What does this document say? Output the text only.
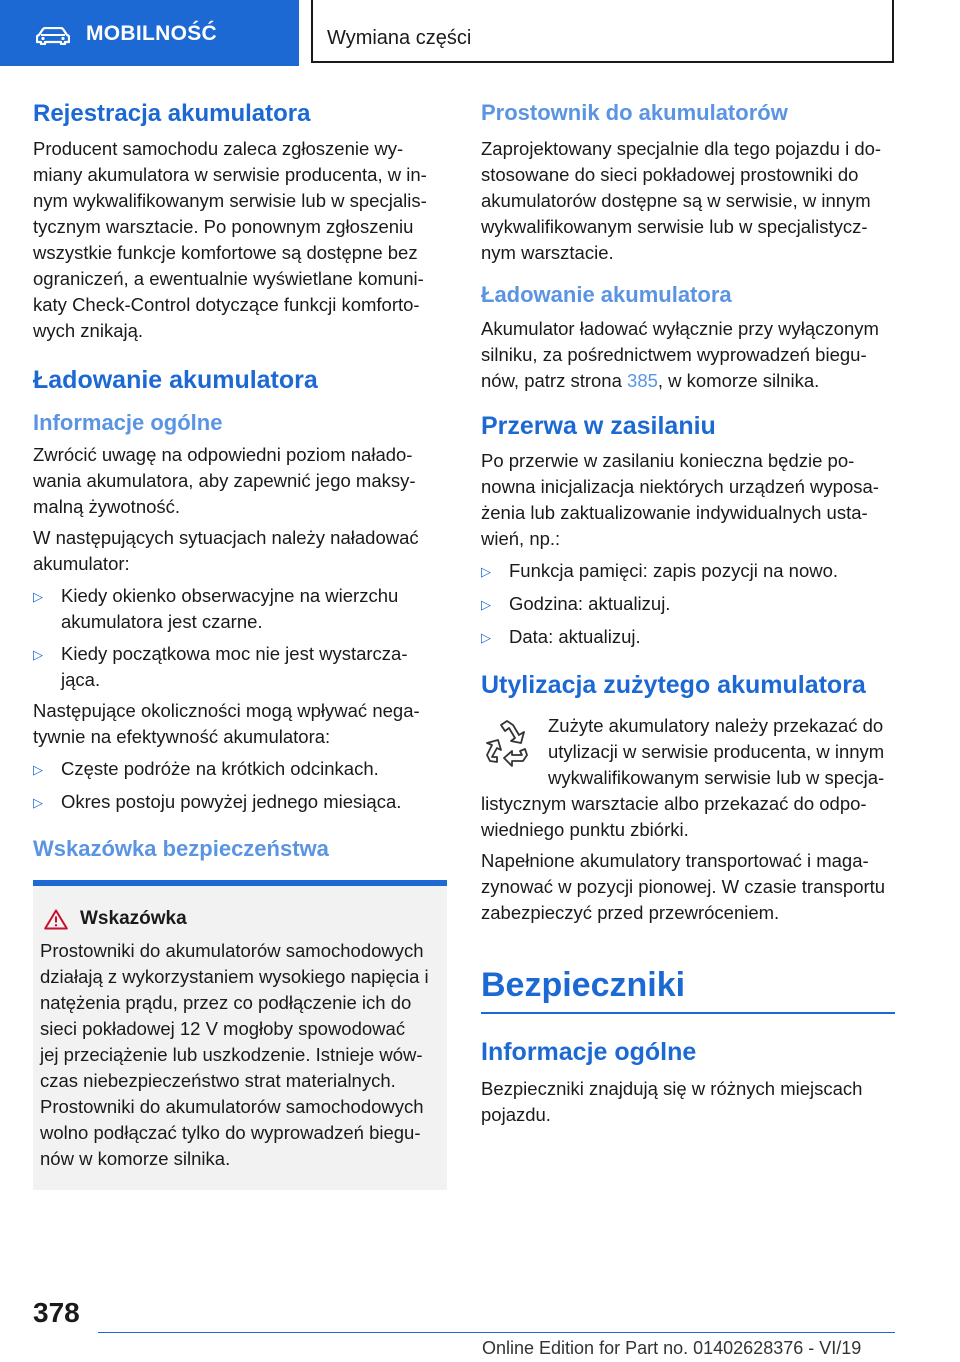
MOBILNOŚĆ	Wymiana części
Rejestracja akumulatora

Producent samochodu zaleca zgłoszenie wy-
miany akumulatora w serwisie producenta, w in-
nym wykwalifikowanym serwisie lub w specjalis-
tycznym warsztacie. Po ponownym zgłoszeniu
wszystkie funkcje komfortowe są dostępne bez
ograniczeń, a ewentualnie wyświetlane komuni-
katy Check-Control dotyczące funkcji komforto-
wych znikają.

Ładowanie akumulatora
Informacje ogólne

Zwrócić uwagę na odpowiedni poziom nałado-
wania akumulatora, aby zapewnić jego maksy-
malną żywotność.

W następujących sytuacjach należy naładować
akumulator:

▷ Kiedy okienko obserwacyjne na wierzchu
akumulatora jest czarne.
▷ Kiedy początkowa moc nie jest wystarcza-
jąca.

Następujące okoliczności mogą wpływać nega-
tywnie na efektywność akumulatora:

▷ Częste podróże na krótkich odcinkach.
▷ Okres postoju powyżej jednego miesiąca.
Wskazówka bezpieczeństwa
Wskazówka

Prostowniki do akumulatorów samochodowych
działają z wykorzystaniem wysokiego napięcia i
natężenia prądu, przez co podłączenie ich do
sieci pokładowej 12 V mogłoby spowodować
jej przeciążenie lub uszkodzenie. Istnieje wów-
czas niebezpieczeństwo strat materialnych.
Prostowniki do akumulatorów samochodowych
wolno podłączać tylko do wyprowadzeń biegu-
nów w komorze silnika.

Prostownik do akumulatorów

Zaprojektowany specjalnie dla tego pojazdu i do-
stosowane do sieci pokładowej prostowniki do
akumulatorów dostępne są w serwisie, w innym
wykwalifikowanym serwisie lub w specjalistycz-
nym warsztacie.

Ładowanie akumulatora

Akumulator ładować wyłącznie przy wyłączonym
silniku, za pośrednictwem wyprowadzeń biegu-
nów, patrz strona 385, w komorze silnika.

Przerwa w zasilaniu

Po przerwie w zasilaniu konieczna będzie po-
nowna inicjalizacja niektórych urządzeń wyposa-
żenia lub zaktualizowanie indywidualnych usta-
wień, np.:

▷ Funkcja pamięci: zapis pozycji na nowo.
▷ Godzina: aktualizuj.
▷ Data: aktualizuj.
Utylizacja zużytego akumulatora

Zużyte akumulatory należy przekazać do
utylizacji w serwisie producenta, w innym
wykwalifikowanym serwisie lub w specja-

listycznym warsztacie albo przekazać do odpo-
wiedniego punktu zbiórki.

Napełnione akumulatory transportować i maga-
zynować w pozycji pionowej. W czasie transportu
zabezpieczyć przed przewróceniem.

Bezpieczniki
Informacje ogólne

Bezpieczniki znajdują się w różnych miejscach
pojazdu.

378
Online Edition for Part no. 01402628376 - VI/19
